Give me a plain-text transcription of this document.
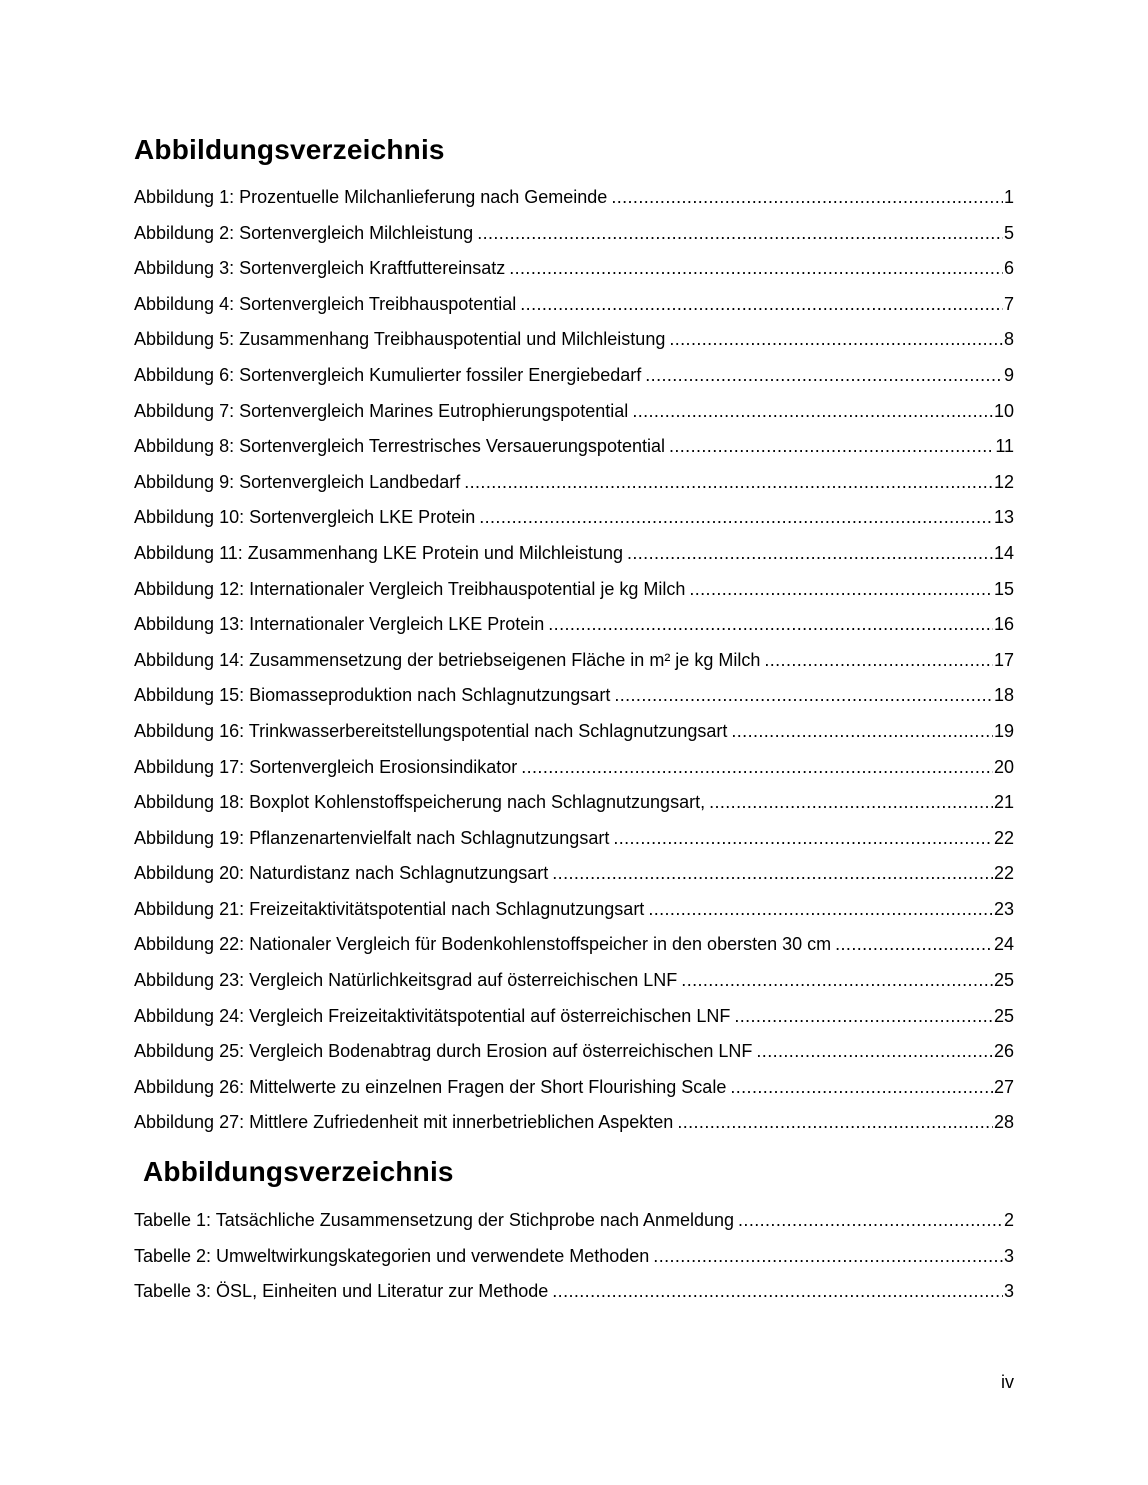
Abbildungsverzeichnis
Abbildung 1: Prozentuelle Milchanlieferung nach Gemeinde .....	1
Abbildung 2: Sortenvergleich Milchleistung .....	5
Abbildung 3: Sortenvergleich Kraftfuttereinsatz .....	6
Abbildung 4: Sortenvergleich Treibhauspotential .....	7
Abbildung 5: Zusammenhang Treibhauspotential und Milchleistung .....	8
Abbildung 6: Sortenvergleich Kumulierter fossiler Energiebedarf .....	9
Abbildung 7: Sortenvergleich Marines Eutrophierungspotential .....	10
Abbildung 8: Sortenvergleich Terrestrisches Versauerungspotential .....	11
Abbildung 9: Sortenvergleich Landbedarf .....	12
Abbildung 10: Sortenvergleich LKE Protein .....	13
Abbildung 11: Zusammenhang LKE Protein und Milchleistung .....	14
Abbildung 12: Internationaler Vergleich Treibhauspotential je kg Milch .....	15
Abbildung 13: Internationaler Vergleich LKE Protein .....	16
Abbildung 14: Zusammensetzung der betriebseigenen Fläche in m² je kg Milch .....	17
Abbildung 15: Biomasseproduktion nach Schlagnutzungsart .....	18
Abbildung 16: Trinkwasserbereitstellungspotential nach Schlagnutzungsart .....	19
Abbildung 17: Sortenvergleich Erosionsindikator .....	20
Abbildung 18: Boxplot Kohlenstoffspeicherung nach Schlagnutzungsart, .....	21
Abbildung 19: Pflanzenartenvielfalt nach Schlagnutzungsart .....	22
Abbildung 20: Naturdistanz nach Schlagnutzungsart .....	22
Abbildung 21: Freizeitaktivitätspotential nach Schlagnutzungsart .....	23
Abbildung 22: Nationaler Vergleich für Bodenkohlenstoffspeicher in den obersten 30 cm .....	24
Abbildung 23: Vergleich Natürlichkeitsgrad auf österreichischen LNF .....	25
Abbildung 24: Vergleich Freizeitaktivitätspotential auf österreichischen LNF .....	25
Abbildung 25: Vergleich Bodenabtrag durch Erosion auf österreichischen LNF .....	26
Abbildung 26: Mittelwerte zu einzelnen Fragen der Short Flourishing Scale .....	27
Abbildung 27: Mittlere Zufriedenheit mit innerbetrieblichen Aspekten .....	28
Abbildungsverzeichnis
Tabelle 1: Tatsächliche Zusammensetzung der Stichprobe nach Anmeldung .....	2
Tabelle 2: Umweltwirkungskategorien und verwendete Methoden .....	3
Tabelle 3: ÖSL, Einheiten und Literatur zur Methode .....	3
iv
